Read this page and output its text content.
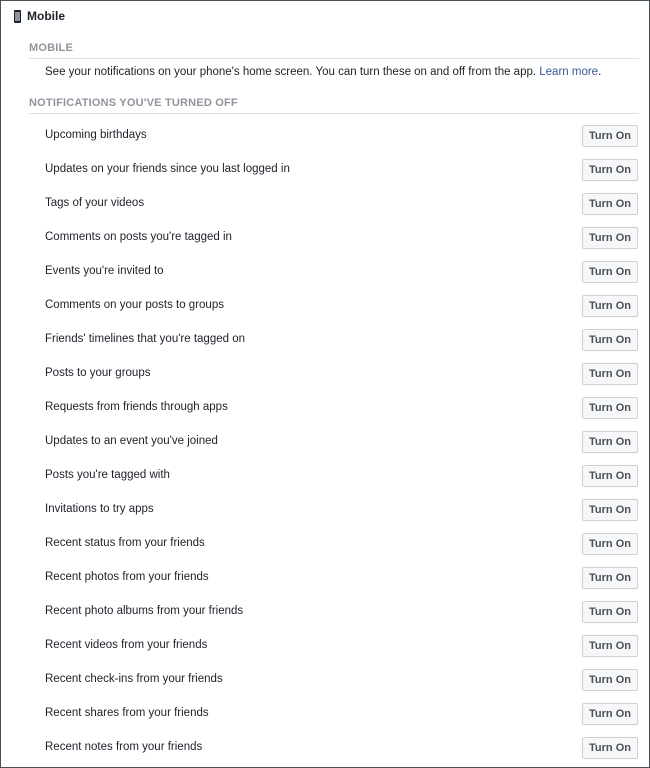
Mobile
MOBILE
See your notifications on your phone's home screen. You can turn these on and off from the app. Learn more.
NOTIFICATIONS YOU'VE TURNED OFF
Upcoming birthdays	Turn On
Updates on your friends since you last logged in	Turn On
Tags of your videos	Turn On
Comments on posts you're tagged in	Turn On
Events you're invited to	Turn On
Comments on your posts to groups	Turn On
Friends' timelines that you're tagged on	Turn On
Posts to your groups	Turn On
Requests from friends through apps	Turn On
Updates to an event you've joined	Turn On
Posts you're tagged with	Turn On
Invitations to try apps	Turn On
Recent status from your friends	Turn On
Recent photos from your friends	Turn On
Recent photo albums from your friends	Turn On
Recent videos from your friends	Turn On
Recent check-ins from your friends	Turn On
Recent shares from your friends	Turn On
Recent notes from your friends	Turn On
